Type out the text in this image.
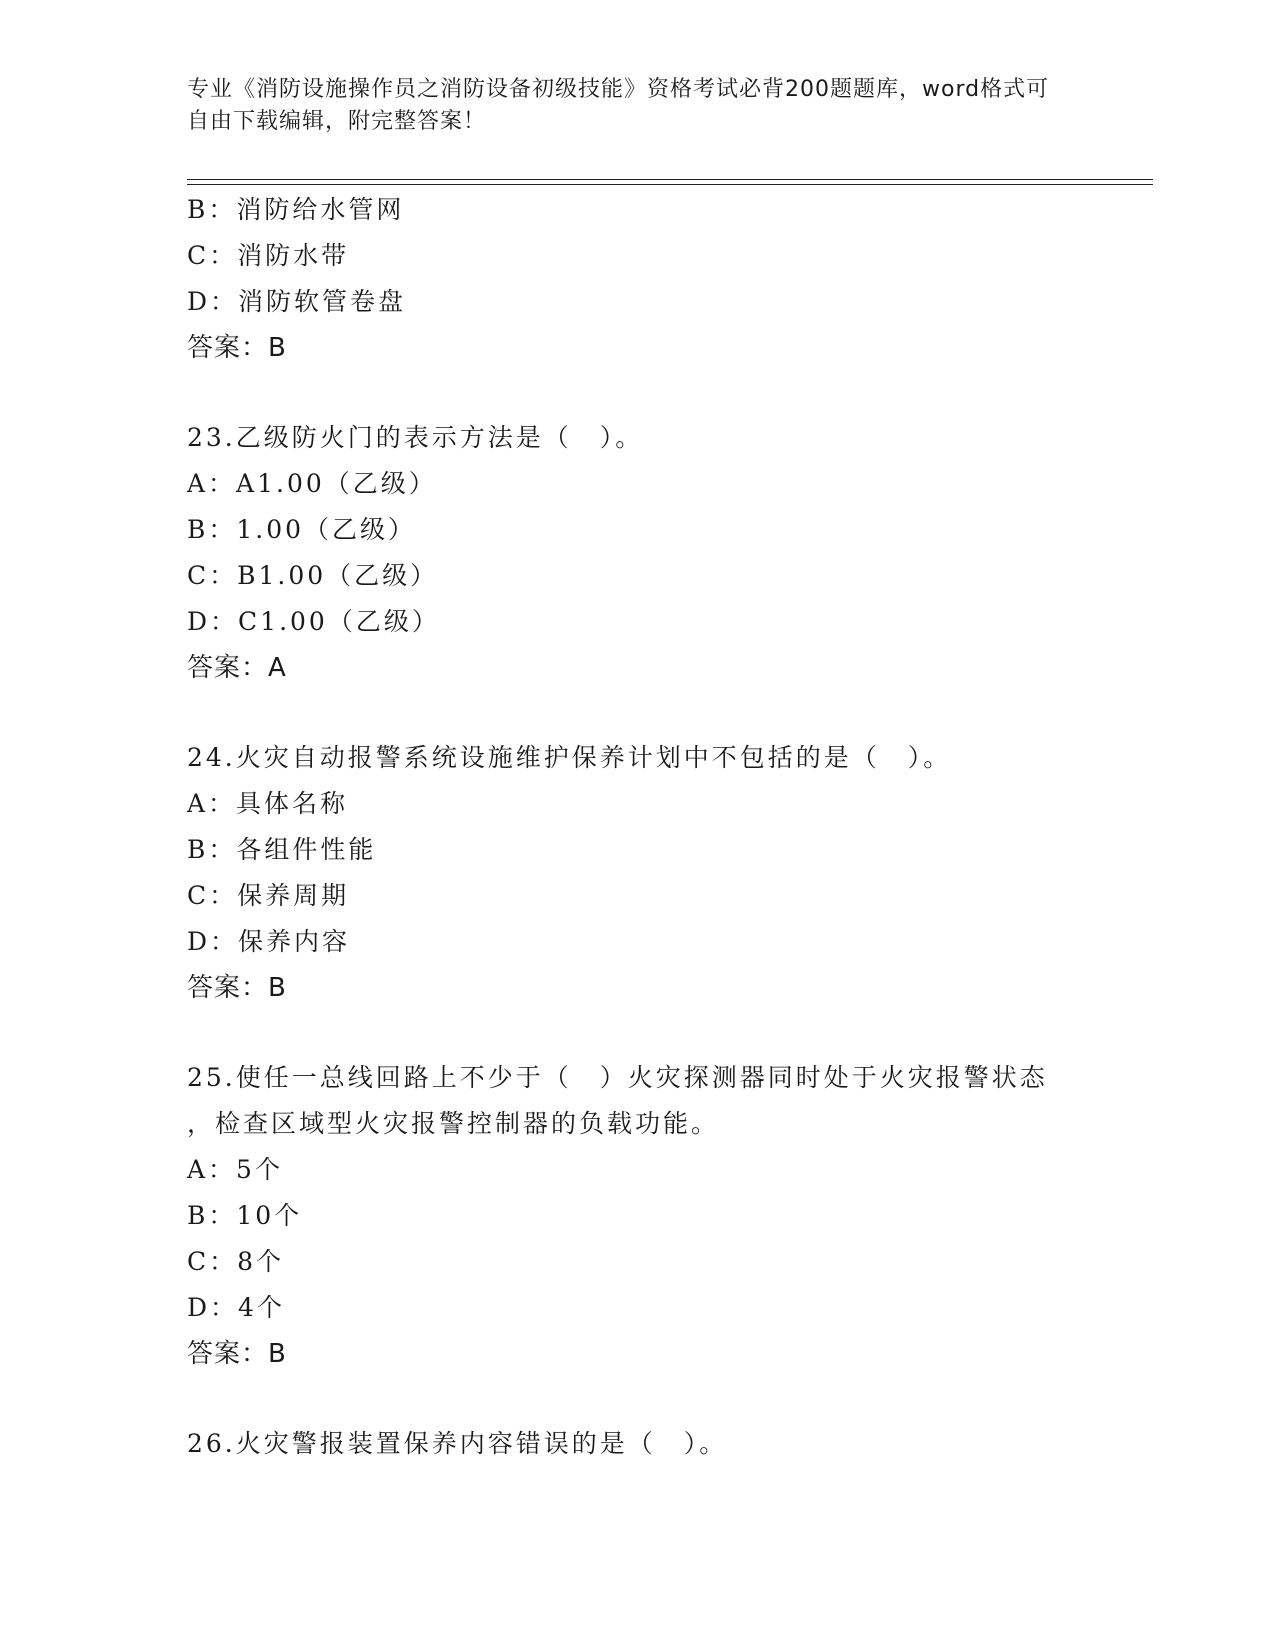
专业《消防设施操作员之消防设备初级技能》资格考试必背200题题库，word格式可自由下载编辑，附完整答案！
B：消防给水管网
C：消防水带
D：消防软管卷盘
答案：B
23.乙级防火门的表示方法是（　）。
A：A1.00（乙级）
B：1.00（乙级）
C：B1.00（乙级）
D：C1.00（乙级）
答案：A
24.火灾自动报警系统设施维护保养计划中不包括的是（　）。
A：具体名称
B：各组件性能
C：保养周期
D：保养内容
答案：B
25.使任一总线回路上不少于（　）火灾探测器同时处于火灾报警状态
，检查区域型火灾报警控制器的负载功能。
A：5个
B：10个
C：8个
D：4个
答案：B
26.火灾警报装置保养内容错误的是（　）。
